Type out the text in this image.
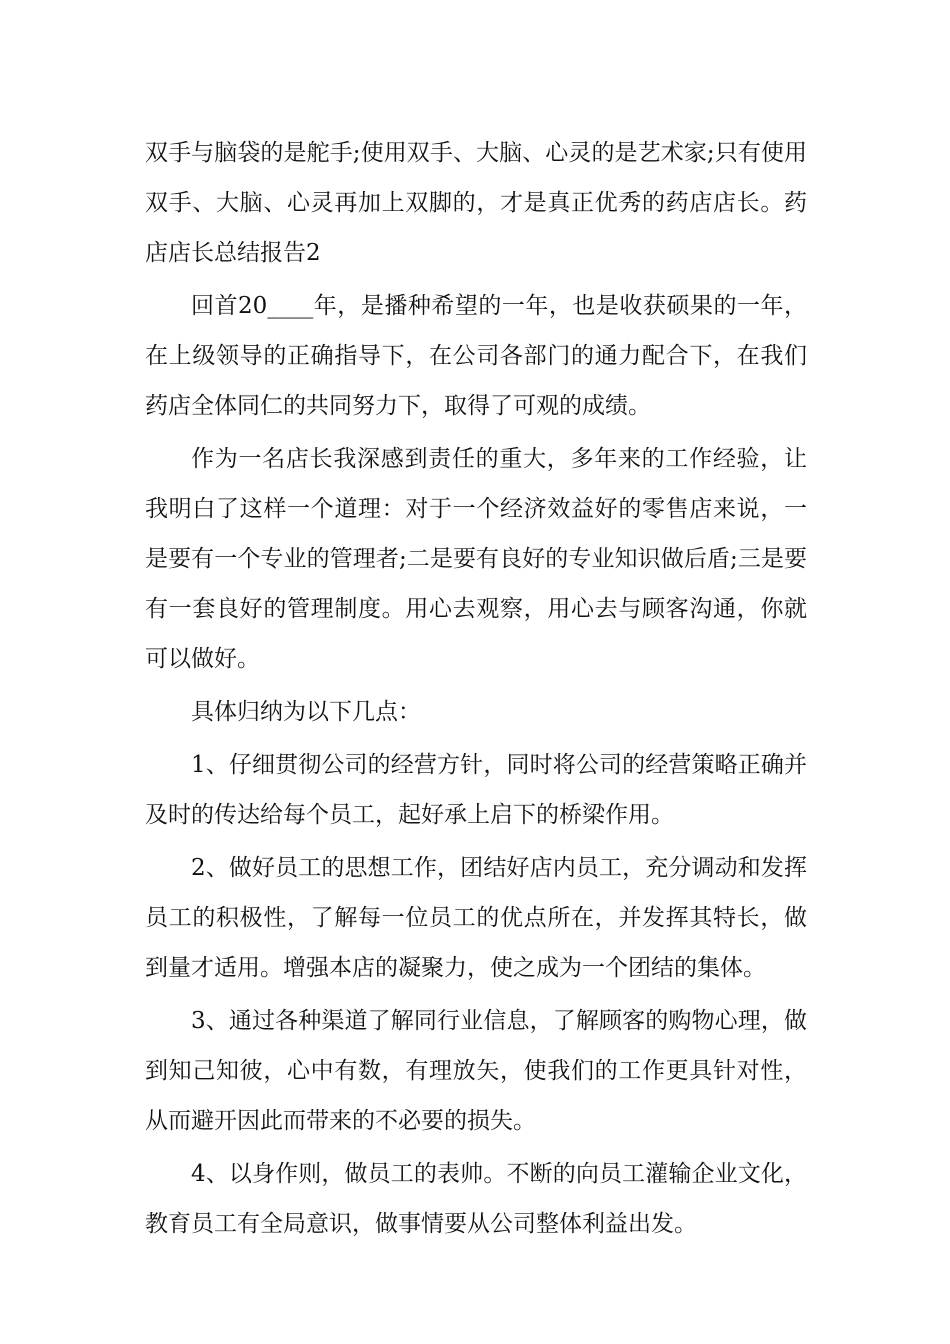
双手与脑袋的是舵手;使用双手、大脑、心灵的是艺术家;只有使用双手、大脑、心灵再加上双脚的，才是真正优秀的药店店长。药店店长总结报告2

回首20____年，是播种希望的一年，也是收获硕果的一年，在上级领导的正确指导下，在公司各部门的通力配合下，在我们药店全体同仁的共同努力下，取得了可观的成绩。

作为一名店长我深感到责任的重大，多年来的工作经验，让我明白了这样一个道理：对于一个经济效益好的零售店来说，一是要有一个专业的管理者;二是要有良好的专业知识做后盾;三是要有一套良好的管理制度。用心去观察，用心去与顾客沟通，你就可以做好。

具体归纳为以下几点：

1、仔细贯彻公司的经营方针，同时将公司的经营策略正确并及时的传达给每个员工，起好承上启下的桥梁作用。

2、做好员工的思想工作，团结好店内员工，充分调动和发挥员工的积极性，了解每一位员工的优点所在，并发挥其特长，做到量才适用。增强本店的凝聚力，使之成为一个团结的集体。

3、通过各种渠道了解同行业信息，了解顾客的购物心理，做到知己知彼，心中有数，有理放矢，使我们的工作更具针对性，从而避开因此而带来的不必要的损失。

4、以身作则，做员工的表帅。不断的向员工灌输企业文化，教育员工有全局意识，做事情要从公司整体利益出发。
